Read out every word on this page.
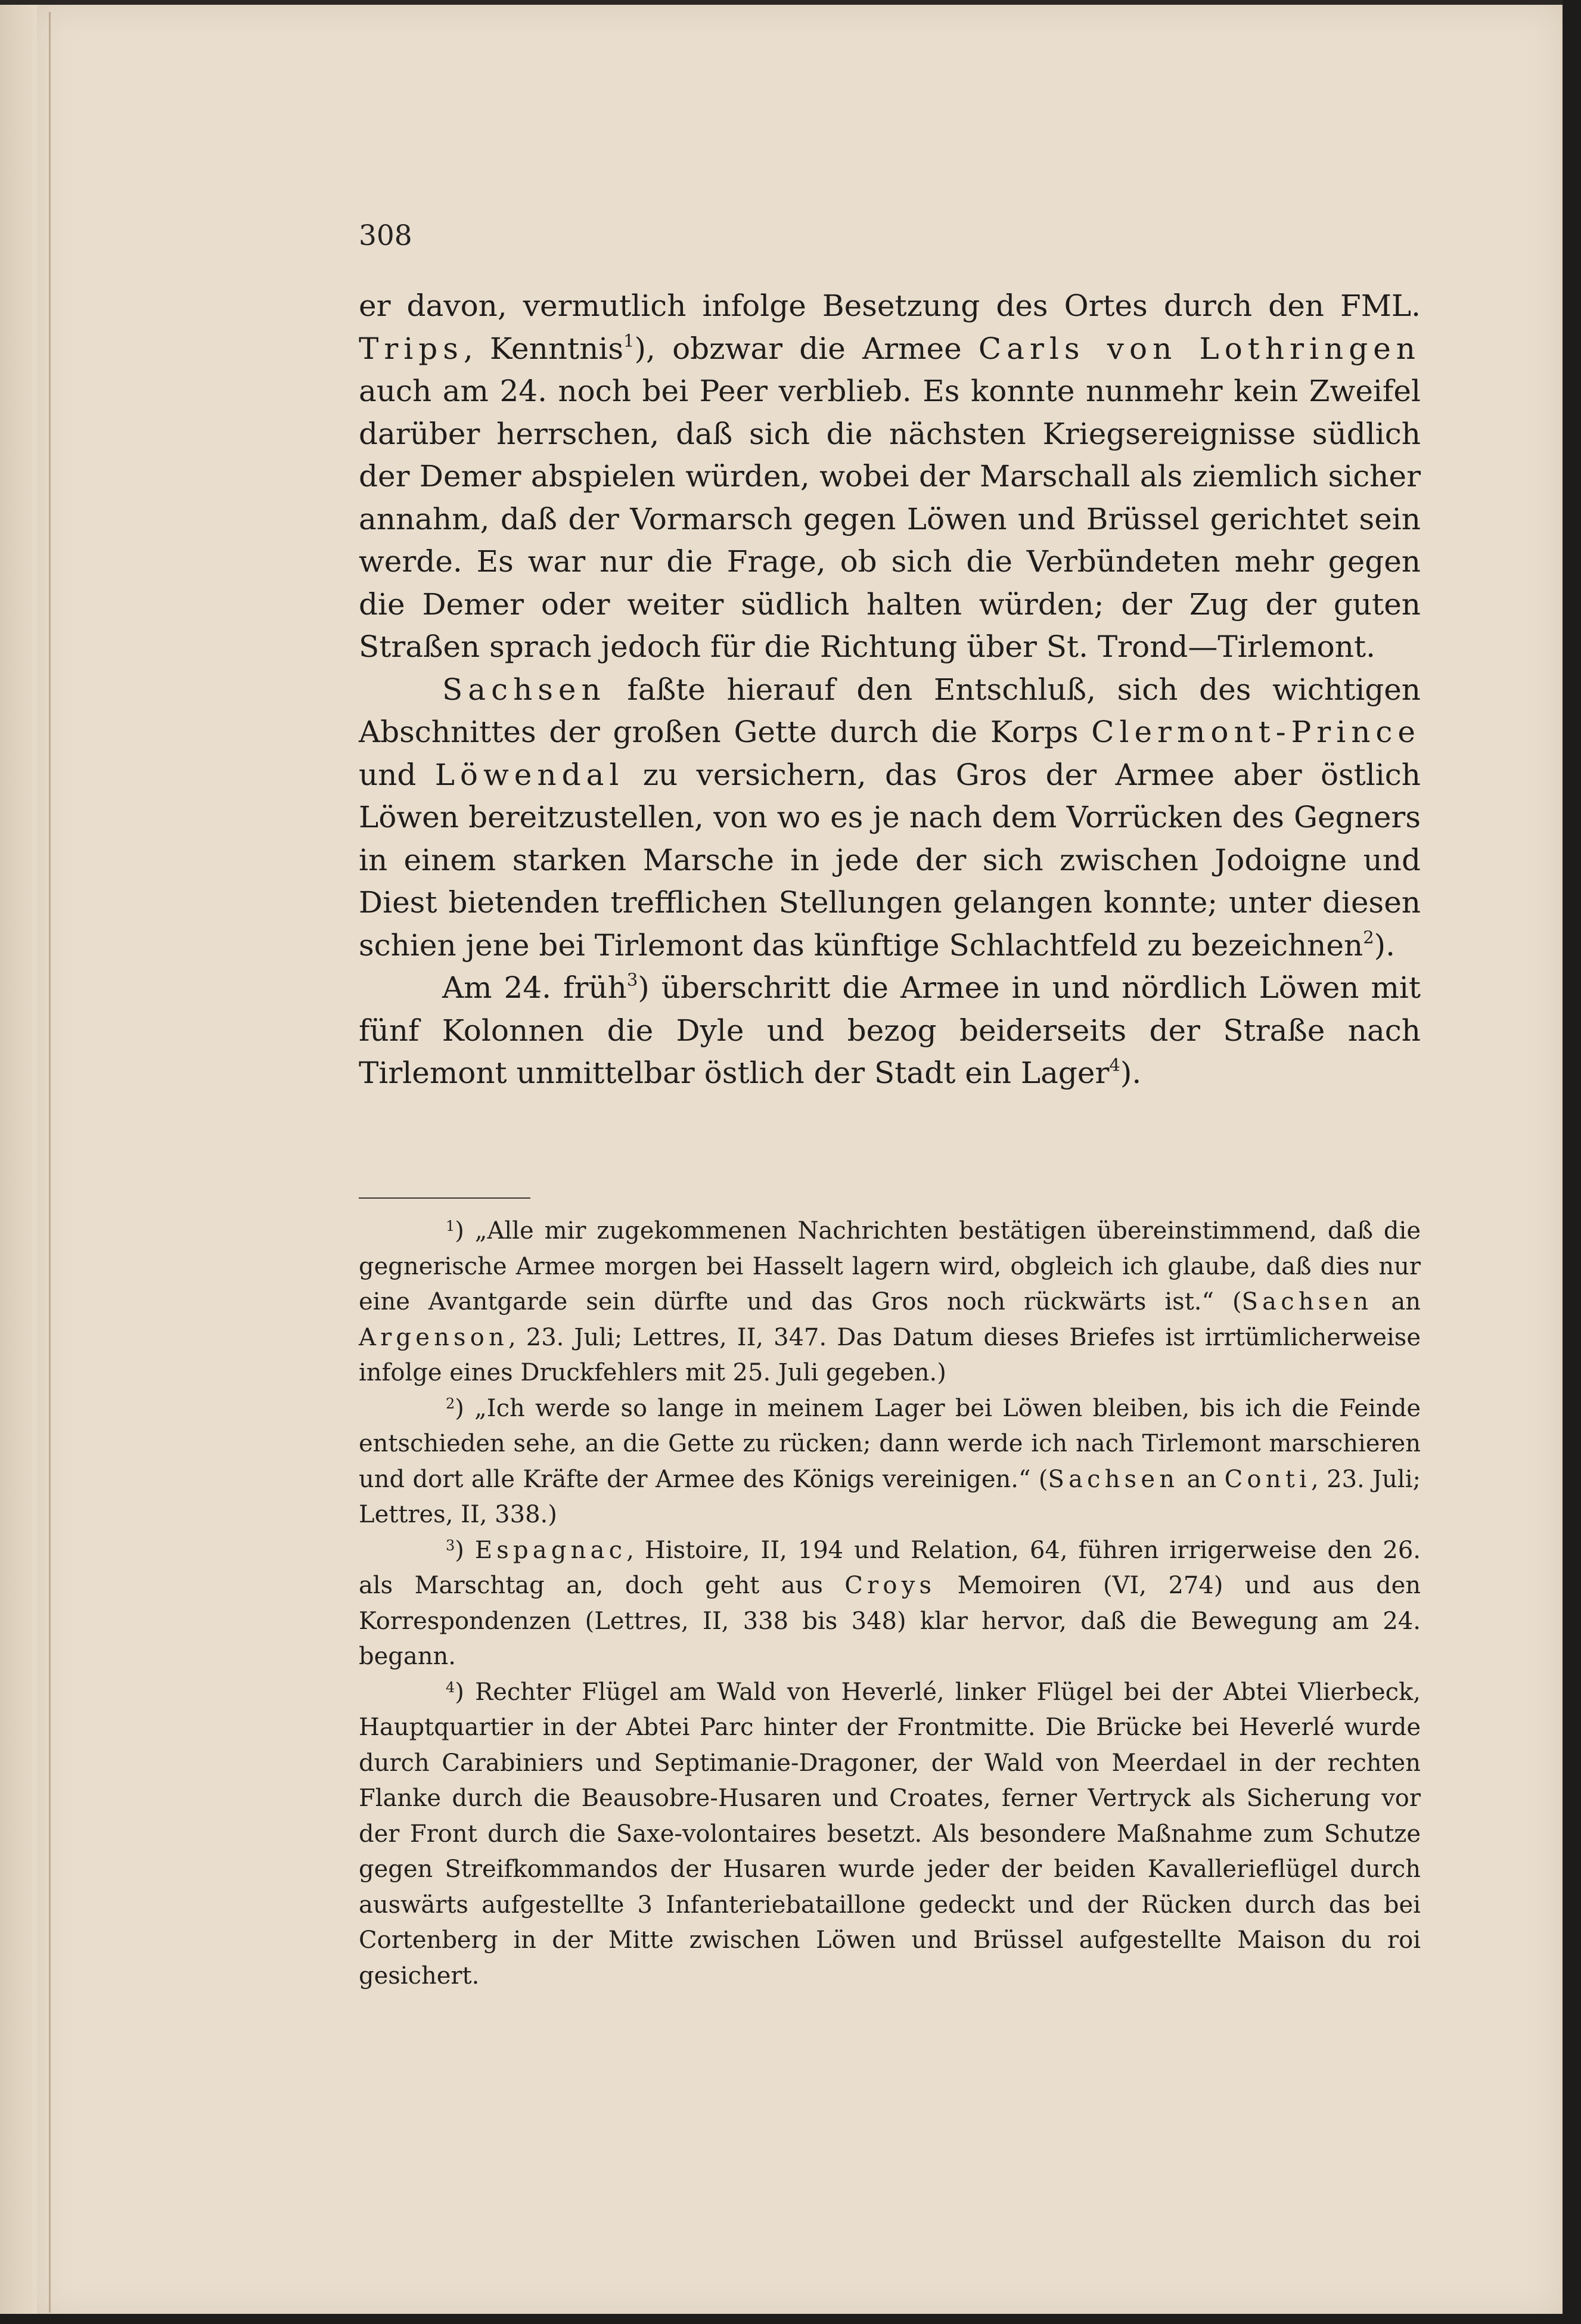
308

er davon, vermutlich infolge Besetzung des Ortes durch den FML. Trips, Kenntnis$^1$), obzwar die Armee Carls von Lothringen auch am 24. noch bei Peer verblieb. Es konnte nunmehr kein Zweifel darüber herrschen, daß sich die nächsten Kriegsereignisse südlich der Demer abspielen würden, wobei der Marschall als ziemlich sicher annahm, daß der Vormarsch gegen Löwen und Brüssel gerichtet sein werde. Es war nur die Frage, ob sich die Verbündeten mehr gegen die Demer oder weiter südlich halten würden; der Zug der guten Straßen sprach jedoch für die Richtung über St. Trond—Tirlemont.

Sachsen faßte hierauf den Entschluß, sich des wichtigen Abschnittes der großen Gette durch die Korps Clermont-Prince und Löwendal zu versichern, das Gros der Armee aber östlich Löwen bereitzustellen, von wo es je nach dem Vorrücken des Gegners in einem starken Marsche in jede der sich zwischen Jodoigne und Diest bietenden trefflichen Stellungen gelangen konnte; unter diesen schien jene bei Tirlemont das künftige Schlachtfeld zu bezeichnen$^2$).

Am 24. früh$^3$) überschritt die Armee in und nördlich Löwen mit fünf Kolonnen die Dyle und bezog beiderseits der Straße nach Tirlemont unmittelbar östlich der Stadt ein Lager$^4$).

$^1$) „Alle mir zugekommenen Nachrichten bestätigen übereinstimmend, daß die gegnerische Armee morgen bei Hasselt lagern wird, obgleich ich glaube, daß dies nur eine Avantgarde sein dürfte und das Gros noch rückwärts ist.“ (Sachsen an Argenson, 23. Juli; Lettres, II, 347. Das Datum dieses Briefes ist irrtümlicherweise infolge eines Druckfehlers mit 25. Juli gegeben.)

$^2$) „Ich werde so lange in meinem Lager bei Löwen bleiben, bis ich die Feinde entschieden sehe, an die Gette zu rücken; dann werde ich nach Tirlemont marschieren und dort alle Kräfte der Armee des Königs vereinigen.“ (Sachsen an Conti, 23. Juli; Lettres, II, 338.)

$^3$) Espagnac, Histoire, II, 194 und Relation, 64, führen irrigerweise den 26. als Marschtag an, doch geht aus Croys Memoiren (VI, 274) und aus den Korrespondenzen (Lettres, II, 338 bis 348) klar hervor, daß die Bewegung am 24. begann.

$^4$) Rechter Flügel am Wald von Heverlé, linker Flügel bei der Abtei Vlierbeck, Hauptquartier in der Abtei Parc hinter der Frontmitte. Die Brücke bei Heverlé wurde durch Carabiniers und Septimanie-Dragoner, der Wald von Meerdael in der rechten Flanke durch die Beausobre-Husaren und Croates, ferner Vertryck als Sicherung vor der Front durch die Saxe-volontaires besetzt. Als besondere Maßnahme zum Schutze gegen Streifkommandos der Husaren wurde jeder der beiden Kavallerieflügel durch auswärts aufgestellte 3 Infanteriebataillone gedeckt und der Rücken durch das bei Cortenberg in der Mitte zwischen Löwen und Brüssel aufgestellte Maison du roi gesichert.
